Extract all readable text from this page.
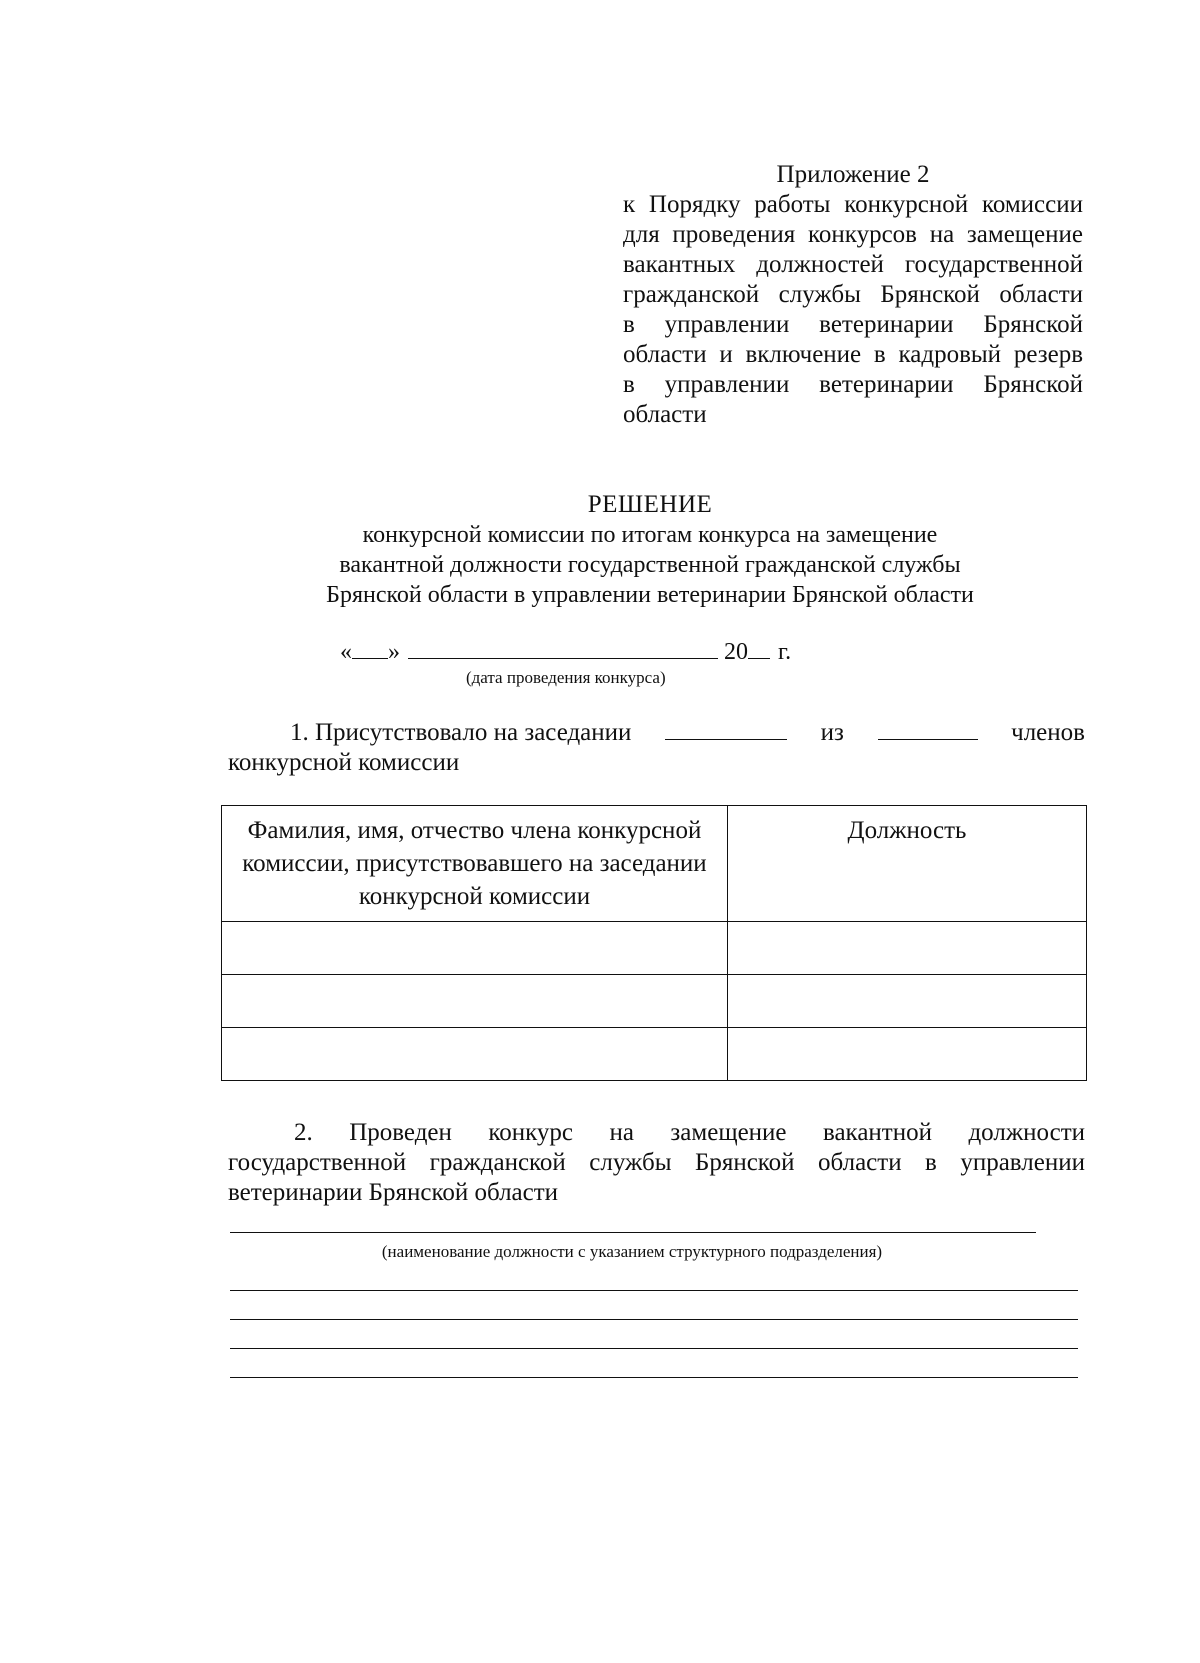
Приложение 2
к Порядку работы конкурсной комиссии
для проведения конкурсов на замещение
вакантных должностей государственной
гражданской службы Брянской области
в управлении ветеринарии Брянской
области и включение в кадровый резерв
в управлении ветеринарии Брянской
области
РЕШЕНИЕ
конкурсной комиссии по итогам конкурса на замещение
вакантной должности государственной гражданской службы
Брянской области в управлении ветеринарии Брянской области
« »	20 г.
(дата проведения конкурса)
1. Присутствовало на заседании	из	членов
конкурсной комиссии
Фамилия, имя, отчество члена конкурсной комиссии, присутствовавшего на заседании конкурсной комиссии	Должность

2. Проведен конкурс на замещение вакантной должности
государственной гражданской службы Брянской области в управлении
ветеринарии Брянской области
(наименование должности с указанием структурного подразделения)
